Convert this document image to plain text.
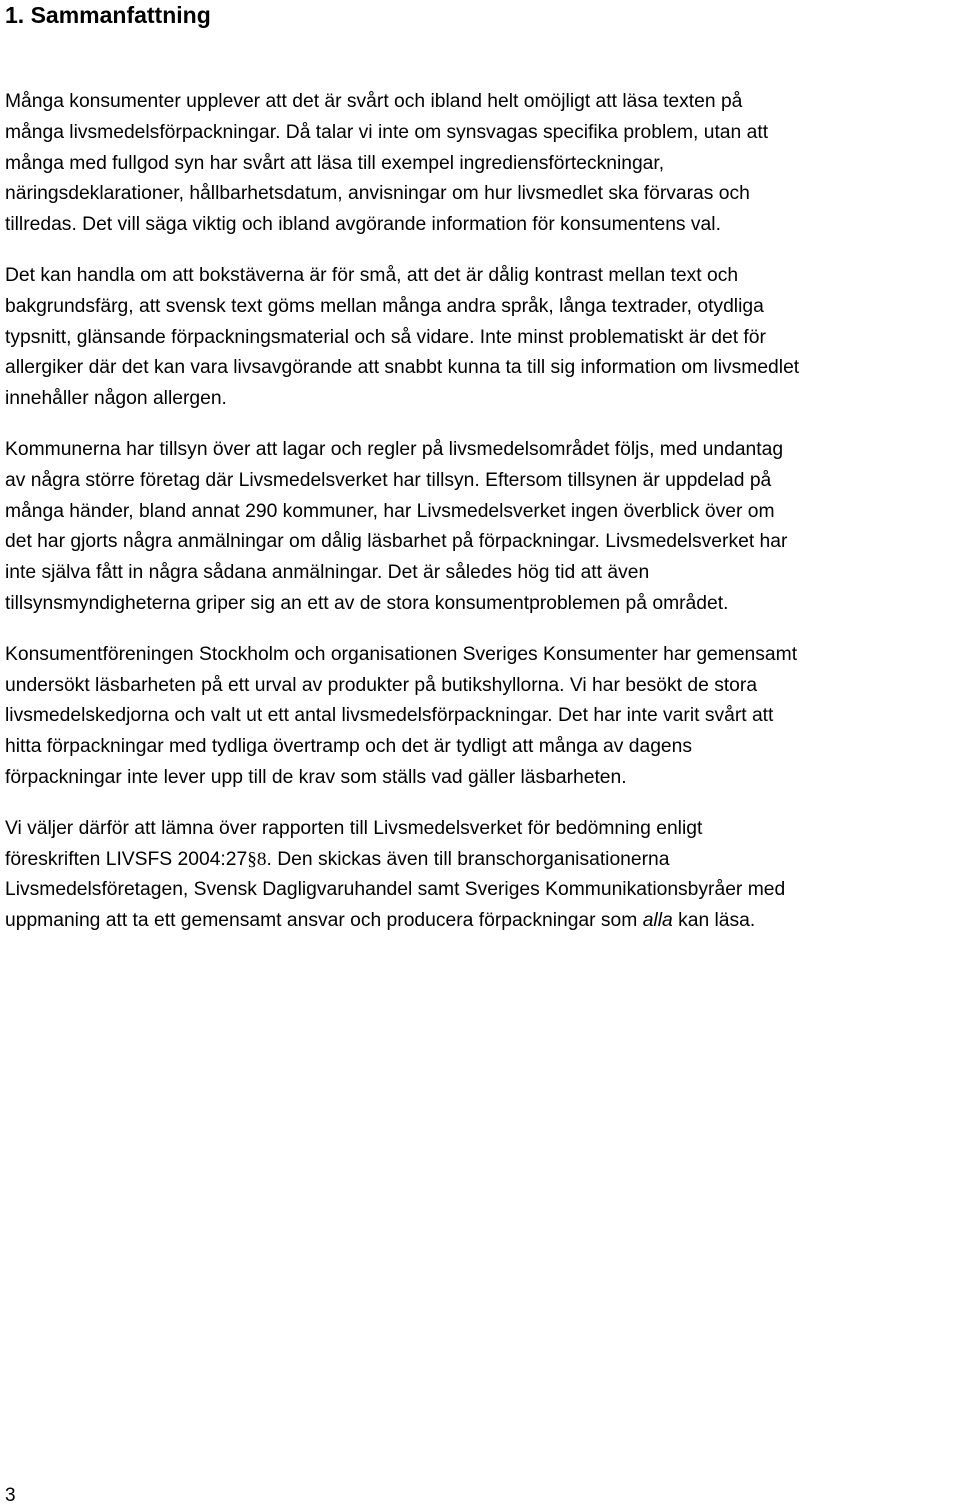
1. Sammanfattning

Många konsumenter upplever att det är svårt och ibland helt omöjligt att läsa texten på
många livsmedelsförpackningar. Då talar vi inte om synsvagas specifika problem, utan att
många med fullgod syn har svårt att läsa till exempel ingrediensförteckningar,
näringsdeklarationer, hållbarhetsdatum, anvisningar om hur livsmedlet ska förvaras och
tillredas. Det vill säga viktig och ibland avgörande information för konsumentens val.

Det kan handla om att bokstäverna är för små, att det är dålig kontrast mellan text och
bakgrundsfärg, att svensk text göms mellan många andra språk, långa textrader, otydliga
typsnitt, glänsande förpackningsmaterial och så vidare. Inte minst problematiskt är det för
allergiker där det kan vara livsavgörande att snabbt kunna ta till sig information om livsmedlet
innehåller någon allergen.

Kommunerna har tillsyn över att lagar och regler på livsmedelsområdet följs, med undantag
av några större företag där Livsmedelsverket har tillsyn. Eftersom tillsynen är uppdelad på
många händer, bland annat 290 kommuner, har Livsmedelsverket ingen överblick över om
det har gjorts några anmälningar om dålig läsbarhet på förpackningar. Livsmedelsverket har
inte själva fått in några sådana anmälningar. Det är således hög tid att även
tillsynsmyndigheterna griper sig an ett av de stora konsumentproblemen på området.

Konsumentföreningen Stockholm och organisationen Sveriges Konsumenter har gemensamt
undersökt läsbarheten på ett urval av produkter på butikshyllorna. Vi har besökt de stora
livsmedelskedjorna och valt ut ett antal livsmedelsförpackningar. Det har inte varit svårt att
hitta förpackningar med tydliga övertramp och det är tydligt att många av dagens
förpackningar inte lever upp till de krav som ställs vad gäller läsbarheten.

Vi väljer därför att lämna över rapporten till Livsmedelsverket för bedömning enligt
föreskriften LIVSFS 2004:27§8. Den skickas även till branschorganisationerna
Livsmedelsföretagen, Svensk Dagligvaruhandel samt Sveriges Kommunikationsbyråer med
uppmaning att ta ett gemensamt ansvar och producera förpackningar som alla kan läsa.

3
